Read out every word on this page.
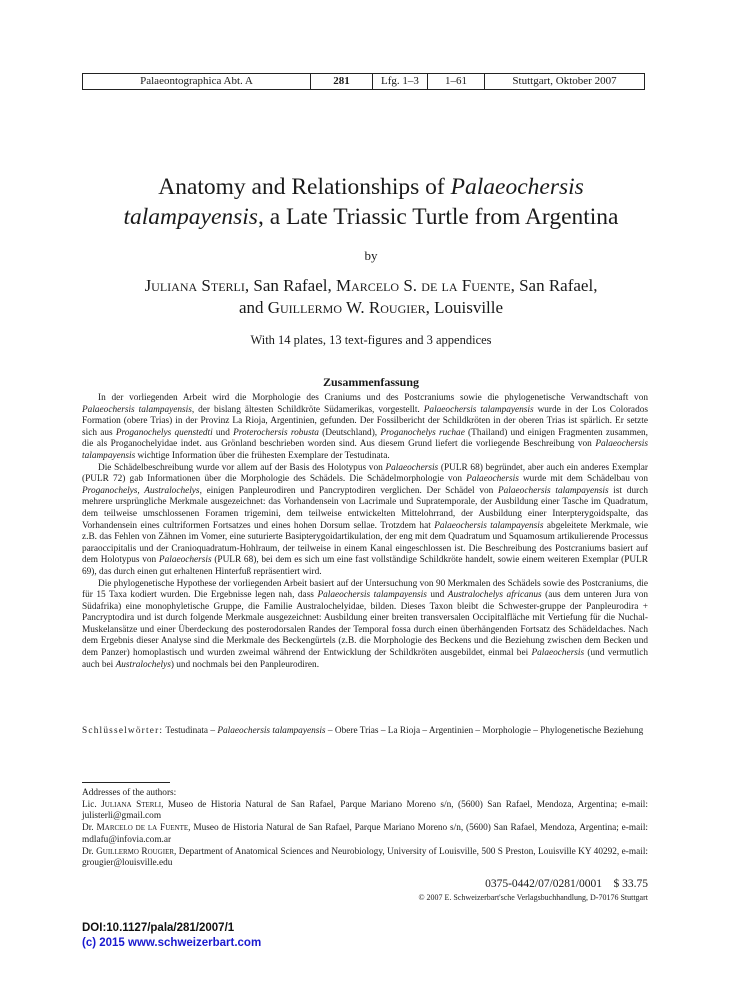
Palaeontographica Abt. A	281	Lfg. 1–3	1–61	Stuttgart, Oktober 2007
Anatomy and Relationships of Palaeochersis
talampayensis, a Late Triassic Turtle from Argentina
by
Juliana Sterli, San Rafael, Marcelo S. de la Fuente, San Rafael,
and Guillermo W. Rougier, Louisville
With 14 plates, 13 text-figures and 3 appendices
Zusammenfassung

In der vorliegenden Arbeit wird die Morphologie des Craniums und des Postcraniums sowie die phylogenetische Verwandtschaft von Palaeochersis talampayensis, der bislang ältesten Schildkröte Südamerikas, vorgestellt. Palaeochersis talampayensis wurde in der Los Colorados Formation (obere Trias) in der Provinz La Rioja, Argentinien, gefunden. Der Fossilbericht der Schildkröten in der oberen Trias ist spärlich. Er setzte sich aus Proganochelys quenstedti und Proterochersis robusta (Deutschland), Proganochelys ruchae (Thailand) und einigen Fragmenten zusammen, die als Proganochelyidae indet. aus Grönland beschrieben worden sind. Aus diesem Grund liefert die vorliegende Beschreibung von Palaeochersis talampayensis wichtige Information über die frühesten Exemplare der Testudinata.

Die Schädelbeschreibung wurde vor allem auf der Basis des Holotypus von Palaeochersis (PULR 68) begründet, aber auch ein anderes Exemplar (PULR 72) gab Informationen über die Morphologie des Schädels. Die Schädelmorphologie von Palaeochersis wurde mit dem Schädelbau von Proganochelys, Australochelys, einigen Panpleurodiren und Pancryptodiren verglichen. Der Schädel von Palaeochersis talampayensis ist durch mehrere ursprüngliche Merkmale ausgezeichnet: das Vorhandensein von Lacrimale und Supratemporale, der Ausbildung einer Tasche im Quadratum, dem teilweise umschlossenen Foramen trigemini, dem teilweise entwickelten Mittelohrrand, der Ausbildung einer Interpterygoidspalte, das Vorhandensein eines cultriformen Fortsatzes und eines hohen Dorsum sellae. Trotzdem hat Palaeochersis talampayensis abgeleitete Merkmale, wie z.B. das Fehlen von Zähnen im Vomer, eine suturierte Basipterygoidartikulation, der eng mit dem Quadratum und Squamosum artikulierende Processus paraoccipitalis und der Cranioquadratum-Hohlraum, der teilweise in einem Kanal eingeschlossen ist. Die Beschreibung des Postcraniums basiert auf dem Holotypus von Palaeochersis (PULR 68), bei dem es sich um eine fast vollständige Schildkröte handelt, sowie einem weiteren Exemplar (PULR 69), das durch einen gut erhaltenen Hinterfuß repräsentiert wird.

Die phylogenetische Hypothese der vorliegenden Arbeit basiert auf der Untersuchung von 90 Merkmalen des Schädels sowie des Postcraniums, die für 15 Taxa kodiert wurden. Die Ergebnisse legen nah, dass Palaeochersis talampayensis und Australochelys africanus (aus dem unteren Jura von Südafrika) eine monophyletische Gruppe, die Familie Australochelyidae, bilden. Dieses Taxon bleibt die Schwester-gruppe der Panpleurodira + Pancryptodira und ist durch folgende Merkmale ausgezeichnet: Ausbildung einer breiten transversalen Occipitalfläche mit Vertiefung für die Nuchal-Muskelansätze und einer Überdeckung des posterodorsalen Randes der Temporal fossa durch einen überhängenden Fortsatz des Schädeldaches. Nach dem Ergebnis dieser Analyse sind die Merkmale des Beckengürtels (z.B. die Morphologie des Beckens und die Beziehung zwischen dem Becken und dem Panzer) homoplastisch und wurden zweimal während der Entwicklung der Schildkröten ausgebildet, einmal bei Palaeochersis (und vermutlich auch bei Australochelys) und nochmals bei den Panpleurodiren.

Schlüsselwörter: Testudinata – Palaeochersis talampayensis – Obere Trias – La Rioja – Argentinien – Morphologie – Phylogenetische Beziehung

Addresses of the authors:

Lic. Juliana Sterli, Museo de Historia Natural de San Rafael, Parque Mariano Moreno s/n, (5600) San Rafael, Mendoza, Argentina; e-mail: julisterli@gmail.com

Dr. Marcelo de la Fuente, Museo de Historia Natural de San Rafael, Parque Mariano Moreno s/n, (5600) San Rafael, Mendoza, Argentina; e-mail: mdlafu@infovia.com.ar

Dr. Guillermo Rougier, Department of Anatomical Sciences and Neurobiology, University of Louisville, 500 S Preston, Louisville KY 40292, e-mail: grougier@louisville.edu

0375-0442/07/0281/0001    $ 33.75
© 2007 E. Schweizerbart'sche Verlagsbuchhandlung, D-70176 Stuttgart
DOI:10.1127/pala/281/2007/1
(c) 2015 www.schweizerbart.com
